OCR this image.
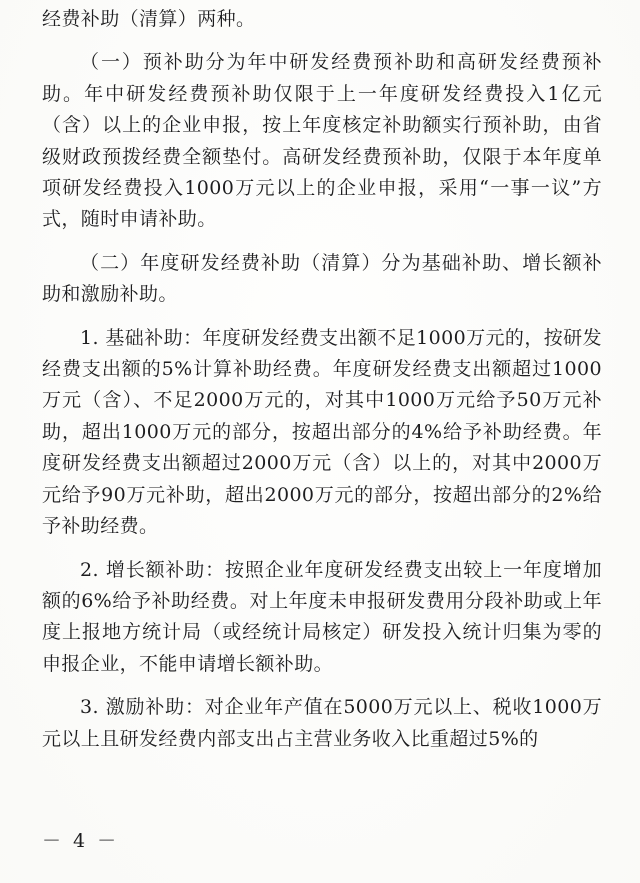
经费补助（清算）两种。

（一）预补助分为年中研发经费预补助和高研发经费预补助。年中研发经费预补助仅限于上一年度研发经费投入1亿元（含）以上的企业申报，按上年度核定补助额实行预补助，由省级财政预拨经费全额垫付。高研发经费预补助，仅限于本年度单项研发经费投入1000万元以上的企业申报，采用“一事一议”方式，随时申请补助。

（二）年度研发经费补助（清算）分为基础补助、增长额补助和激励补助。

1. 基础补助：年度研发经费支出额不足1000万元的，按研发经费支出额的5%计算补助经费。年度研发经费支出额超过1000万元（含）、不足2000万元的，对其中1000万元给予50万元补助，超出1000万元的部分，按超出部分的4%给予补助经费。年度研发经费支出额超过2000万元（含）以上的，对其中2000万元给予90万元补助，超出2000万元的部分，按超出部分的2%给予补助经费。

2. 增长额补助：按照企业年度研发经费支出较上一年度增加额的6%给予补助经费。对上年度未申报研发费用分段补助或上年度上报地方统计局（或经统计局核定）研发投入统计归集为零的申报企业，不能申请增长额补助。

3. 激励补助：对企业年产值在5000万元以上、税收1000万元以上且研发经费内部支出占主营业务收入比重超过5%的

－ 4 －
